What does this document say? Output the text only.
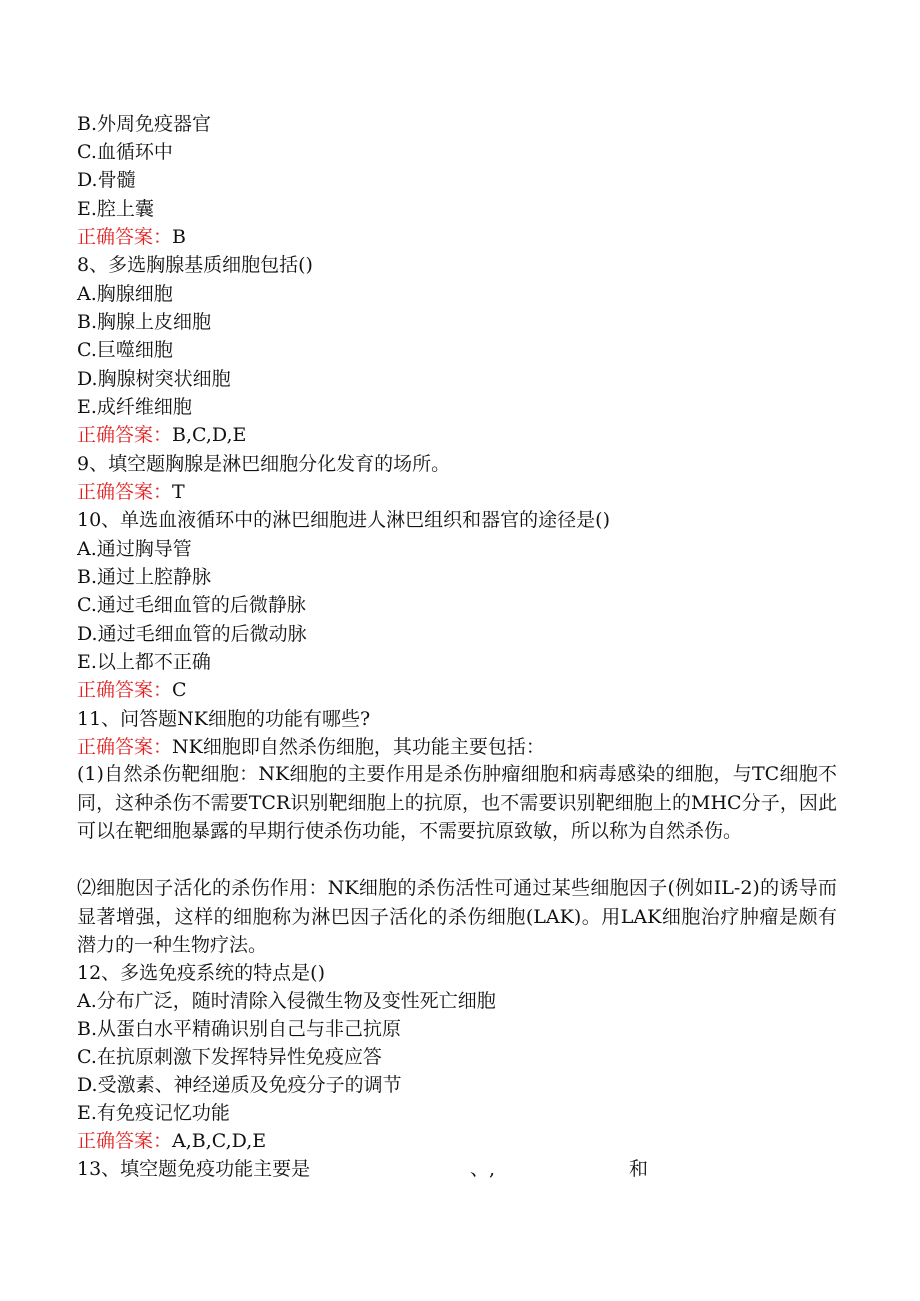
B.外周免疫器官
C.血循环中
D.骨髓
E.腔上囊
正确答案：B
8、多选胸腺基质细胞包括()
A.胸腺细胞
B.胸腺上皮细胞
C.巨噬细胞
D.胸腺树突状细胞
E.成纤维细胞
正确答案：B,C,D,E
9、填空题胸腺是淋巴细胞分化发育的场所。
正确答案：T
10、单选血液循环中的淋巴细胞进人淋巴组织和器官的途径是()
A.通过胸导管
B.通过上腔静脉
C.通过毛细血管的后微静脉
D.通过毛细血管的后微动脉
E.以上都不正确
正确答案：C
11、问答题NK细胞的功能有哪些?
正确答案：NK细胞即自然杀伤细胞，其功能主要包括：
(1)自然杀伤靶细胞：NK细胞的主要作用是杀伤肿瘤细胞和病毒感染的细胞，与TC细胞不同，这种杀伤不需要TCR识别靶细胞上的抗原，也不需要识别靶细胞上的MHC分子，因此可以在靶细胞暴露的早期行使杀伤功能，不需要抗原致敏，所以称为自然杀伤。
⑵细胞因子活化的杀伤作用：NK细胞的杀伤活性可通过某些细胞因子(例如IL-2)的诱导而显著增强，这样的细胞称为淋巴因子活化的杀伤细胞(LAK)。用LAK细胞治疗肿瘤是颇有潜力的一种生物疗法。
12、多选免疫系统的特点是()
A.分布广泛，随时清除入侵微生物及变性死亡细胞
B.从蛋白水平精确识别自己与非己抗原
C.在抗原刺激下发挥特异性免疫应答
D.受激素、神经递质及免疫分子的调节
E.有免疫记忆功能
正确答案：A,B,C,D,E
13、填空题免疫功能主要是	、,	和
